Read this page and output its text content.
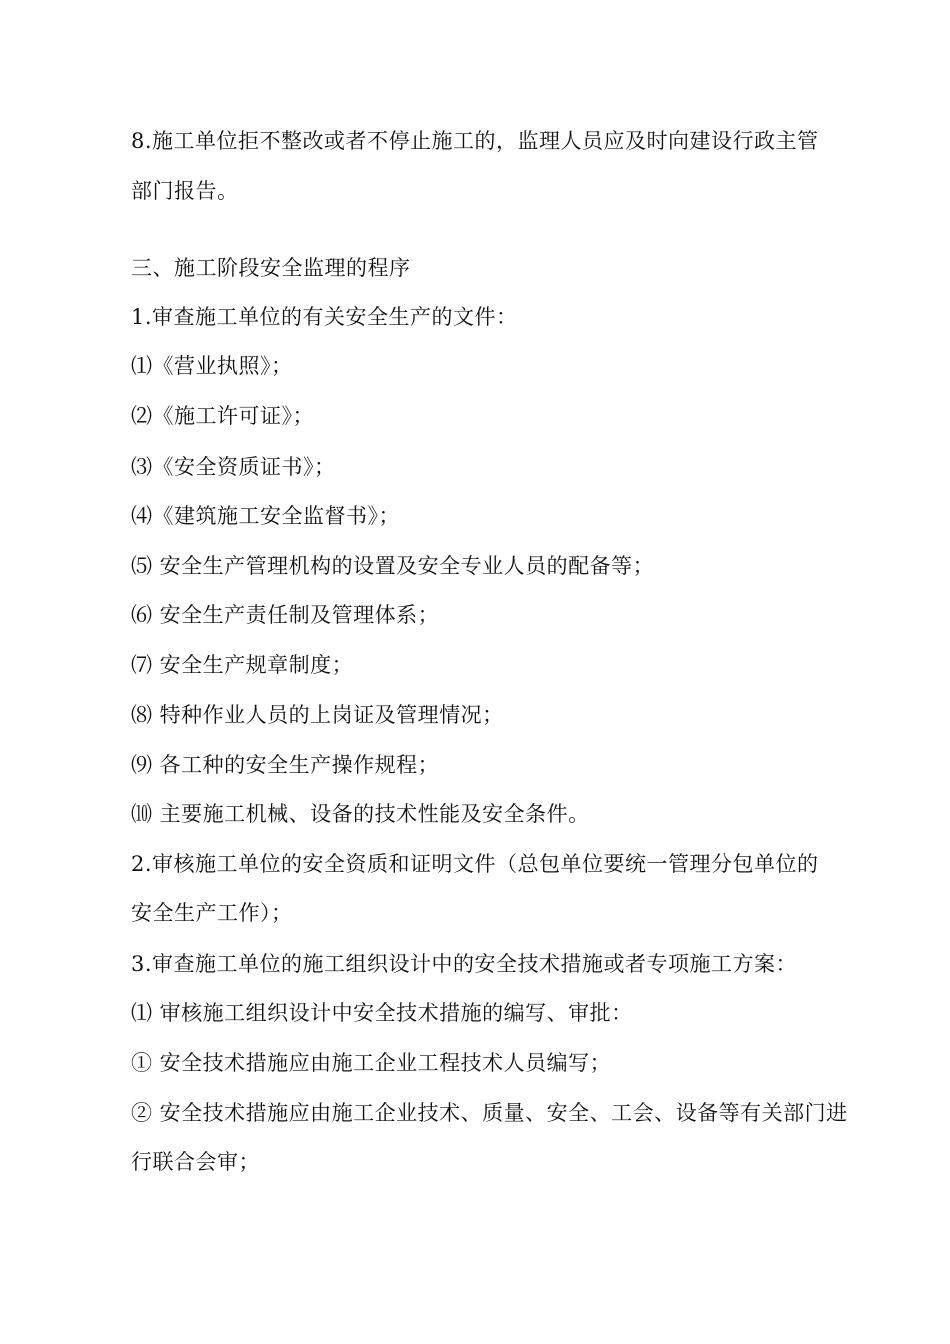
8.施工单位拒不整改或者不停止施工的，监理人员应及时向建设行政主管
部门报告。
三、施工阶段安全监理的程序
1.审查施工单位的有关安全生产的文件：
⑴《营业执照》；
⑵《施工许可证》；
⑶《安全资质证书》；
⑷《建筑施工安全监督书》；
⑸ 安全生产管理机构的设置及安全专业人员的配备等；
⑹ 安全生产责任制及管理体系；
⑺ 安全生产规章制度；
⑻ 特种作业人员的上岗证及管理情况；
⑼ 各工种的安全生产操作规程；
⑽ 主要施工机械、设备的技术性能及安全条件。
2.审核施工单位的安全资质和证明文件（总包单位要统一管理分包单位的
安全生产工作）；
3.审查施工单位的施工组织设计中的安全技术措施或者专项施工方案：
⑴ 审核施工组织设计中安全技术措施的编写、审批：
① 安全技术措施应由施工企业工程技术人员编写；
② 安全技术措施应由施工企业技术、质量、安全、工会、设备等有关部门进
行联合会审；
